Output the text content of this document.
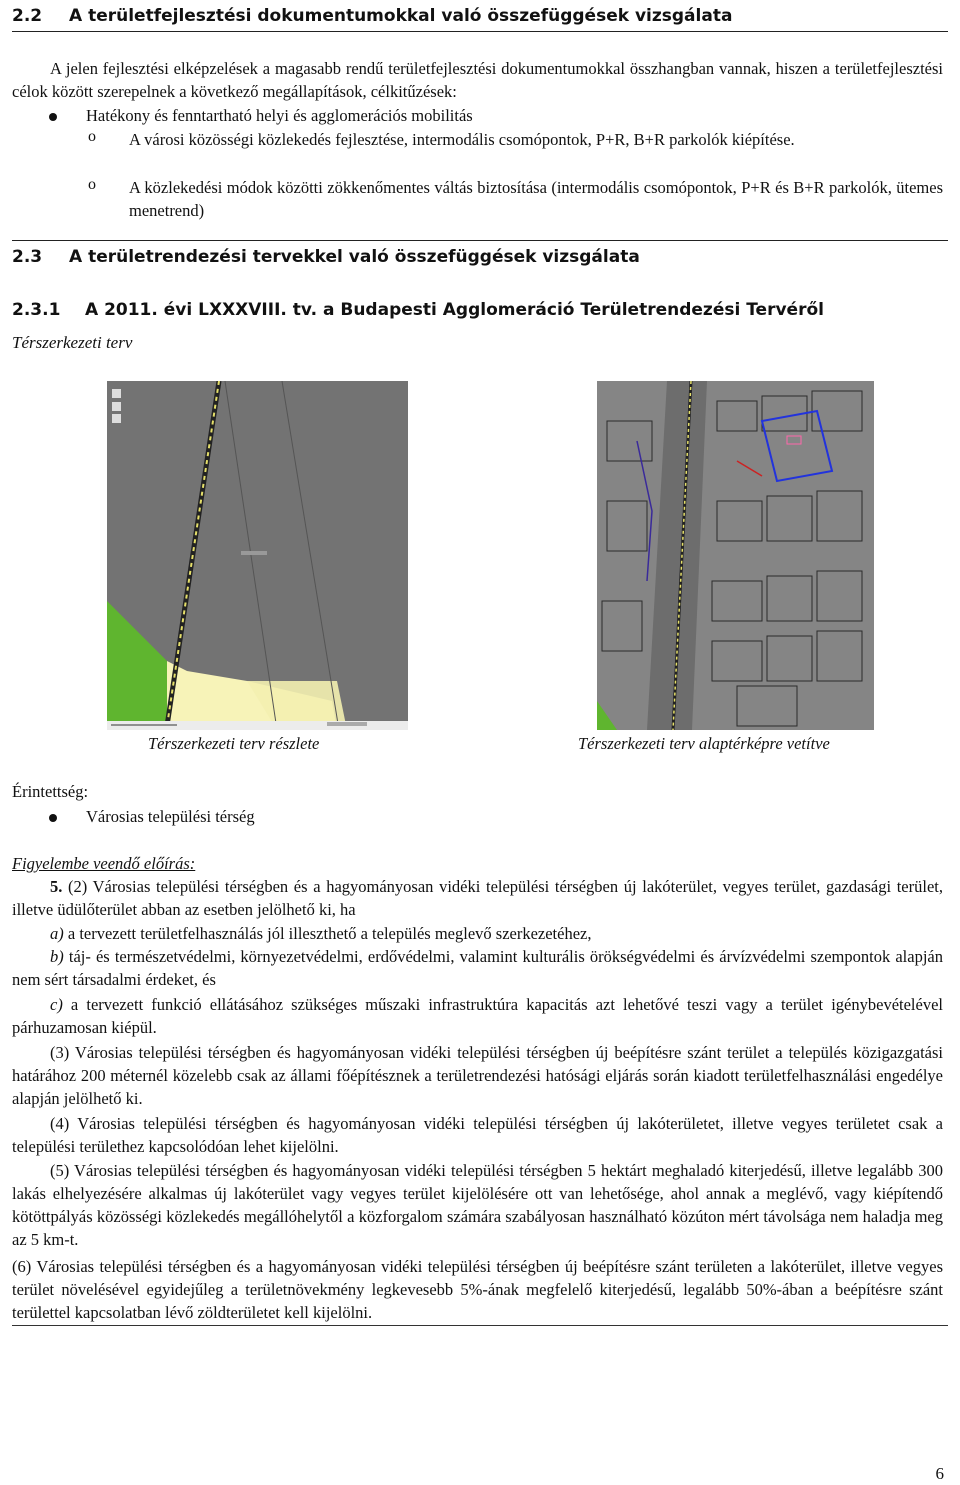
2.2 A területfejlesztési dokumentumokkal való összefüggések vizsgálata
A jelen fejlesztési elképzelések a magasabb rendű területfejlesztési dokumentumokkal összhangban vannak, hiszen a területfejlesztési célok között szerepelnek a következő megállapítások, célkitűzések:
Hatékony és fenntartható helyi és agglomerációs mobilitás
o A városi közösségi közlekedés fejlesztése, intermodális csomópontok, P+R, B+R parkolók kiépítése.
o A közlekedési módok közötti zökkenőmentes váltás biztosítása (intermodális csomópontok, P+R és B+R parkolók, ütemes menetrend)
2.3 A területrendezési tervekkel való összefüggések vizsgálata
2.3.1 A 2011. évi LXXXVIII. tv. a Budapesti Agglomeráció Területrendezési Tervéről
Térszerkezeti terv
Térszerkezeti terv részlete	Térszerkezeti terv alaptérképre vetítve
Érintettség:
Városias települési térség
Figyelembe veendő előírás:
5. (2) Városias települési térségben és a hagyományosan vidéki települési térségben új lakóterület, vegyes terület, gazdasági terület, illetve üdülőterület abban az esetben jelölhető ki, ha
a) a tervezett területfelhasználás jól illeszthető a település meglevő szerkezetéhez,
b) táj- és természetvédelmi, környezetvédelmi, erdővédelmi, valamint kulturális örökségvédelmi és árvízvédelmi szempontok alapján nem sért társadalmi érdeket, és
c) a tervezett funkció ellátásához szükséges műszaki infrastruktúra kapacitás azt lehetővé teszi vagy a terület igénybevételével párhuzamosan kiépül.
(3) Városias települési térségben és hagyományosan vidéki települési térségben új beépítésre szánt terület a település közigazgatási határához 200 méternél közelebb csak az állami főépítésznek a területrendezési hatósági eljárás során kiadott területfelhasználási engedélye alapján jelölhető ki.
(4) Városias települési térségben és hagyományosan vidéki települési térségben új lakóterületet, illetve vegyes területet csak a települési területhez kapcsolódóan lehet kijelölni.
(5) Városias települési térségben és hagyományosan vidéki települési térségben 5 hektárt meghaladó kiterjedésű, illetve legalább 300 lakás elhelyezésére alkalmas új lakóterület vagy vegyes terület kijelölésére ott van lehetősége, ahol annak a meglévő, vagy kiépítendő kötöttpályás közösségi közlekedés megállóhelytől a közforgalom számára szabályosan használható közúton mért távolsága nem haladja meg az 5 km-t.
(6) Városias települési térségben és a hagyományosan vidéki települési térségben új beépítésre szánt területen a lakóterület, illetve vegyes terület növelésével egyidejűleg a területnövekmény legkevesebb 5%-ának megfelelő kiterjedésű, legalább 50%-ában a beépítésre szánt területtel kapcsolatban lévő zöldterületet kell kijelölni.
6
